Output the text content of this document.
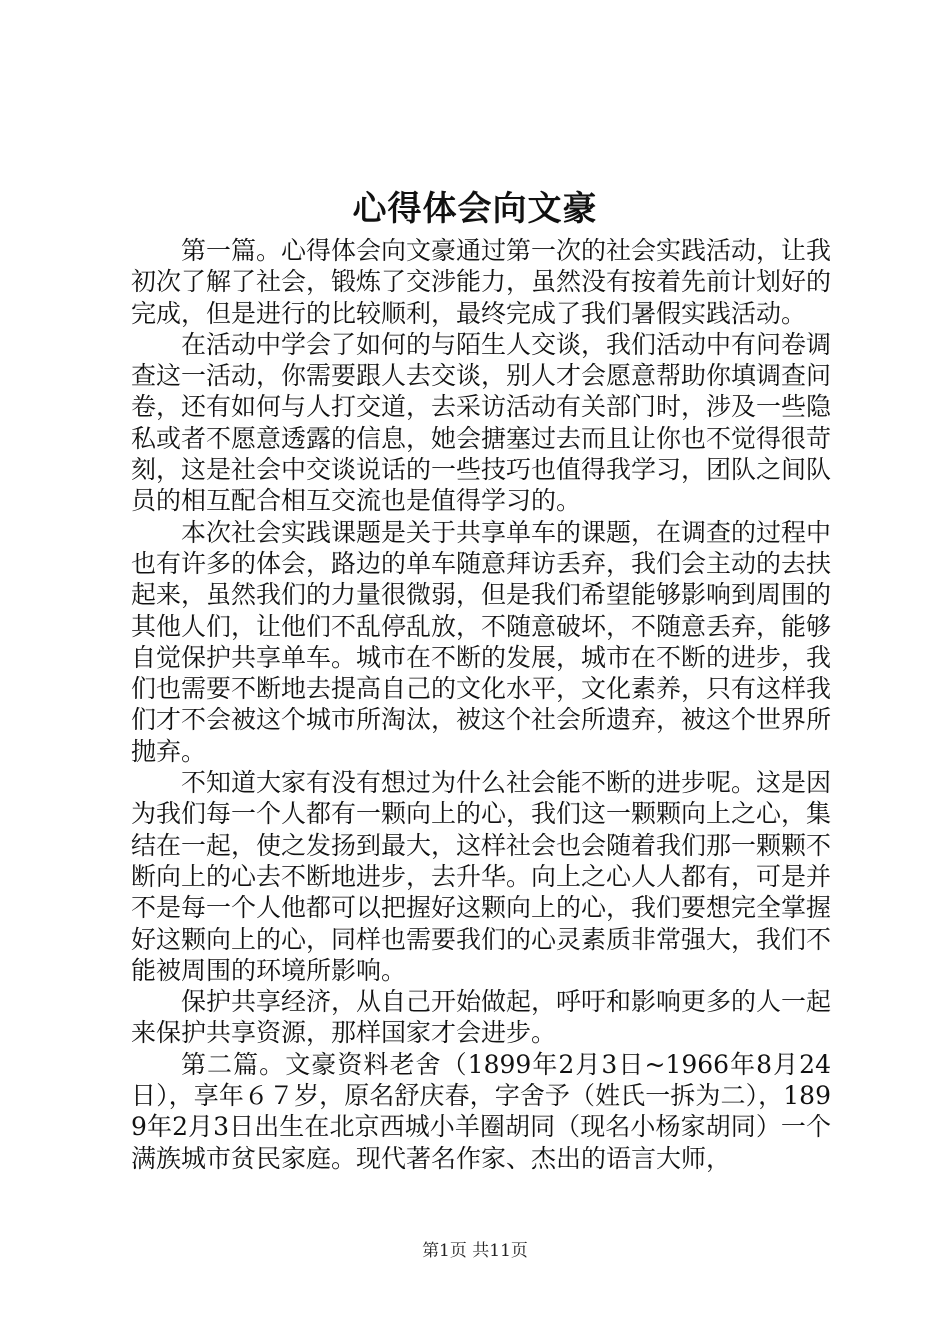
心得体会向文豪

第一篇。心得体会向文豪通过第一次的社会实践活动，让我初次了解了社会，锻炼了交涉能力，虽然没有按着先前计划好的完成，但是进行的比较顺利，最终完成了我们暑假实践活动。

在活动中学会了如何的与陌生人交谈，我们活动中有问卷调查这一活动，你需要跟人去交谈，别人才会愿意帮助你填调查问卷，还有如何与人打交道，去采访活动有关部门时，涉及一些隐私或者不愿意透露的信息，她会搪塞过去而且让你也不觉得很苛刻，这是社会中交谈说话的一些技巧也值得我学习，团队之间队员的相互配合相互交流也是值得学习的。

本次社会实践课题是关于共享单车的课题，在调查的过程中也有许多的体会，路边的单车随意拜访丢弃，我们会主动的去扶起来，虽然我们的力量很微弱，但是我们希望能够影响到周围的其他人们，让他们不乱停乱放，不随意破坏，不随意丢弃，能够自觉保护共享单车。城市在不断的发展，城市在不断的进步，我们也需要不断地去提高自己的文化水平，文化素养，只有这样我们才不会被这个城市所淘汰，被这个社会所遗弃，被这个世界所抛弃。

不知道大家有没有想过为什么社会能不断的进步呢。这是因为我们每一个人都有一颗向上的心，我们这一颗颗向上之心，集结在一起，使之发扬到最大，这样社会也会随着我们那一颗颗不断向上的心去不断地进步，去升华。向上之心人人都有，可是并不是每一个人他都可以把握好这颗向上的心，我们要想完全掌握好这颗向上的心，同样也需要我们的心灵素质非常强大，我们不能被周围的环境所影响。

保护共享经济，从自己开始做起，呼吁和影响更多的人一起来保护共享资源，那样国家才会进步。

第二篇。文豪资料老舍（1899年2月3日~1966年8月24日），享年６７岁，原名舒庆春，字舍予（姓氏一拆为二），1899年2月3日出生在北京西城小羊圈胡同（现名小杨家胡同）一个满族城市贫民家庭。现代著名作家、杰出的语言大师，

第1页 共11页
